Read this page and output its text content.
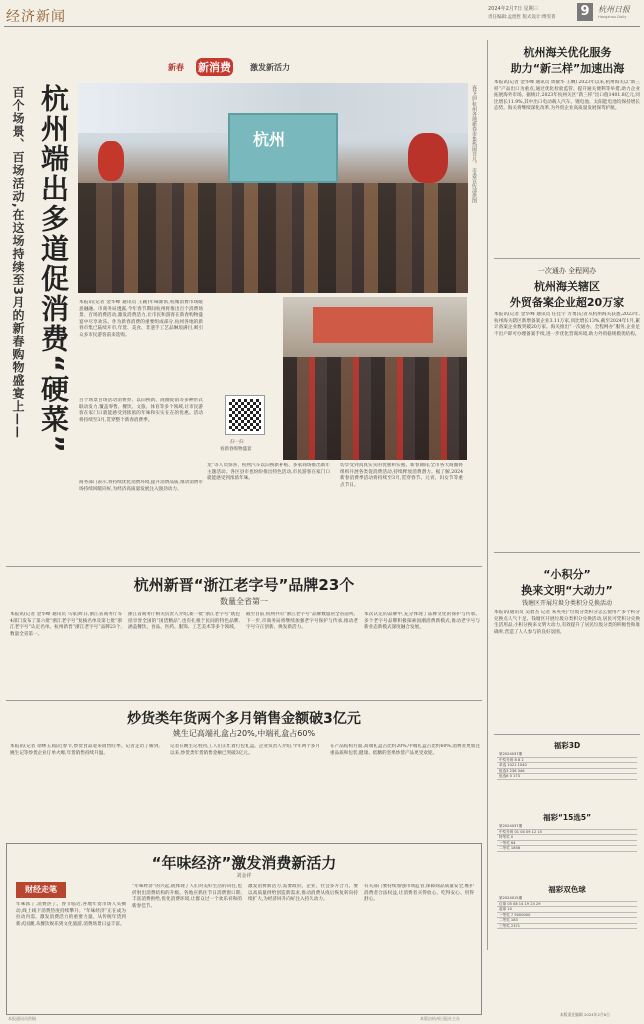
经济新闻	2024年2月7日 星期三
责任编辑:孟煜哲 版式设计:傅雯菁 9	杭州日报
Hangzhou Daily
新春 新消费 激发新活力
杭州端出多道促消费“硬菜”
百个场景、百场活动,在这场持续至3月的新春购物盛宴上——	杭州	春节前,杭州各地新春市集热闹非凡。 市委宣传部供图
本报讯(记者 金华峰 通讯员 王颖)年味渐浓,杭城消费市场暖意融融。市商务局透露,今年春节期间杭州将推出百个消费场景、百场消费活动,激发消费活力,让市民和游客在新春购物盛宴中尽享欢乐。作为新春消费的重要组成部分,杭州各地的新春市集已陆续开市,年货、美食、非遗手工艺品琳琅满目,吸引众多市民游客前来选购。
百个场景百场活动消费券、以旧换新、商圈促销等多种形式联动发力,覆盖零售、餐饮、文旅、体育等多个领域,让市民游客在家门口就能感受到浓浓的年味和实实在在的优惠。活动将持续至3月,贯穿整个新春消费季。
商务部门表示,将持续优化消费环境,提升消费品质,推动消费市场持续回暖向好,为经济高质量发展注入强劲动力。
扫一扫
看新春购物盛宴
龙”等人员惊喜、杭州汽车以旧换新补贴、多家商场推出新年主题活动。各区县市也纷纷推出特色活动,市民游客在家门口就能感受到浓浓年味。
切享受到真真实实的优惠和实惠。新春期间,全市各大商圈将组织开展各类促消费活动,持续释放消费潜力。据了解,2024新春消费季活动将持续至3月,贯穿春节、元宵、妇女节等重点节日。
杭州海关优化服务
助力“新三样”加速出海
本报讯(记者 金华峰 通讯员 周敏华 王琳) 2023年以来,杭州海关以“新三样”产品出口为重点,通过优化检验监管、提升通关便利等举措,助力企业拓展海外市场。据统计,2023年杭州关区“新三样”出口值1401.8亿元,同比增长11.9%,其中出口电动载人汽车、锂电池、太阳能电池均保持增长态势。海关将继续深化改革,为外贸企业高质量发展保驾护航。
一次通办 全程网办
杭州海关辖区
外贸备案企业超20万家
本报讯(记者 金华峰 通讯员 任佳宇 方勇)记者从杭州海关获悉,2023年,杭州海关辖区新增备案企业3.11万家,同比增长13%,截至2024年1月,累计备案企业数突破20万家。海关推出“一次通办、全程网办”服务,企业足不出户即可办理备案手续,进一步优化营商环境,助力外贸稳规模优结构。
“小积分”
换来文明“大动力”
钱塘区开展垃圾分类积分兑换活动
本报讯(通讯员 吴碧杰 记者 朱英英)“垃圾分类积分怎么使用?”多个积分兑换点人气十足。钱塘区开展垃圾分类积分兑换活动,居民可凭积分兑换生活用品,小积分换来文明大动力,有效提升了居民垃圾分类的积极性和准确率,营造了人人参与的良好氛围。
福彩3D
第2024037期
中奖号码 8 8 2
单选 1021 1040
组选3 236 346
组选6 0 173
福彩“15选5”
第2024037期
中奖号码 01 04 09 12 15
特等奖 0
一等奖 64
二等奖 1858
福彩双色球
第2024015期
红球 05 08 14 19 23 29
蓝球 10
一等奖 7 5000000
二等奖 183
三等奖 2371
本版责任编辑 2024年2月6日
杭州新晋“浙江老字号”品牌23个
数量全省第一
本报讯(记者 金华峰 通讯员 马家)昨日,浙江省商务厅等4部门发布了第六批“浙江老字号”复核名单及第七批“浙江老字号”认定名单。杭州新晋“浙江老字号”品牌23个,数量全省第一。
浙江省商务厅相关负责人介绍,新一批“浙江老字号”既包括享誉全国的“国货精品”,也有扎根于民间的特色品牌,涵盖餐饮、食品、医药、服饰、工艺美术等多个领域。
截至目前,杭州共有“浙江老字号”品牌数量居全省前列。下一步,市商务局将继续加强老字号保护与传承,推动老字号守正创新、焕发新活力。
本次认定的品牌中,充分体现了品牌文化的保护与传承。多个老字号品牌积极探索国潮消费新模式,推动老字号与新业态新模式深度融合发展。
炒货类年货两个多月销售金额破3亿元
姚生记高端礼盒占20%,中端礼盒占60%
本报讯(记者 徐林玉)临近春节,炒货食品迎来销售旺季。记者走访了解到,姚生记等炒货企业订单火爆,年货销售持续升温。
记者在姚生记看到,工人们正忙着打包礼盒。企业负责人介绍,今年两个多月以来,炒货类年货销售金额已突破3亿元。
在产品结构方面,高端礼盒占比约20%,中端礼盒占比约60%,消费者更加注重品质和包装,健康、低糖的坚果炒货产品更受欢迎。
“年味经济”激发消费新活力
刘金祥
财经走笔
年味浓了,消费热了。春节临近,各地年货市场人头攒动,线上线下消费热度持续攀升。“年味经济”正在成为拉动内需、激发消费活力的重要力量。从传统年货到新式国潮,从餐饮娱乐到文化旅游,消费场景日益丰富。
“年味经济”的兴起,既体现了人们对美好生活的向往,也折射出消费结构的升级。各地应抓住节日消费窗口期,丰富消费供给,优化消费环境,让群众过一个欢乐祥和的新春佳节。
激发消费新活力,需要政府、企业、社会多方合力。要以高质量供给创造新需求,推动消费从疫后恢复转向持续扩大,为经济回升向好注入持久动力。
有关部门要持续加强市场监管,保障商品质量安全,维护消费者合法权益,让消费者买得放心、吃得安心、用得舒心。
本报通讯员供稿	本版由杭州日报社主办
